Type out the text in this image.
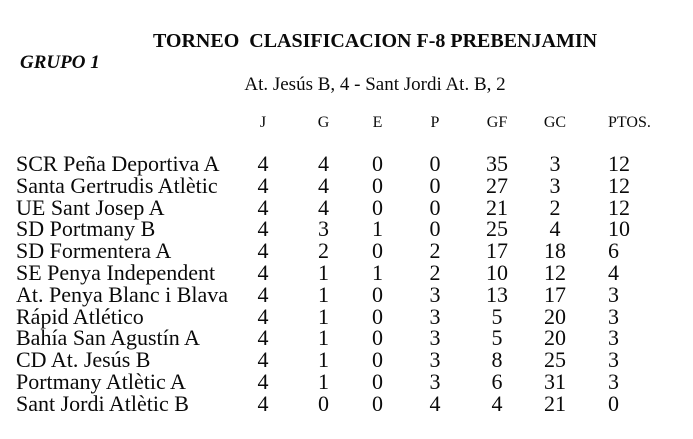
TORNEO  CLASIFICACION F-8 PREBENJAMIN
GRUPO 1
At. Jesús B, 4 - Sant Jordi At. B, 2
J	G	E	P	GF	GC	PTOS.
SCR Peña Deportiva A	4	4	0	0	35	3	12
Santa Gertrudis Atlètic	4	4	0	0	27	3	12
UE Sant Josep A	4	4	0	0	21	2	12
SD Portmany B	4	3	1	0	25	4	10
SD Formentera A	4	2	0	2	17	18	6
SE Penya Independent	4	1	1	2	10	12	4
At. Penya Blanc i Blava	4	1	0	3	13	17	3
Rápid Atlético	4	1	0	3	5	20	3
Bahía San Agustín A	4	1	0	3	5	20	3
CD At. Jesús B	4	1	0	3	8	25	3
Portmany Atlètic A	4	1	0	3	6	31	3
Sant Jordi Atlètic B	4	0	0	4	4	21	0
